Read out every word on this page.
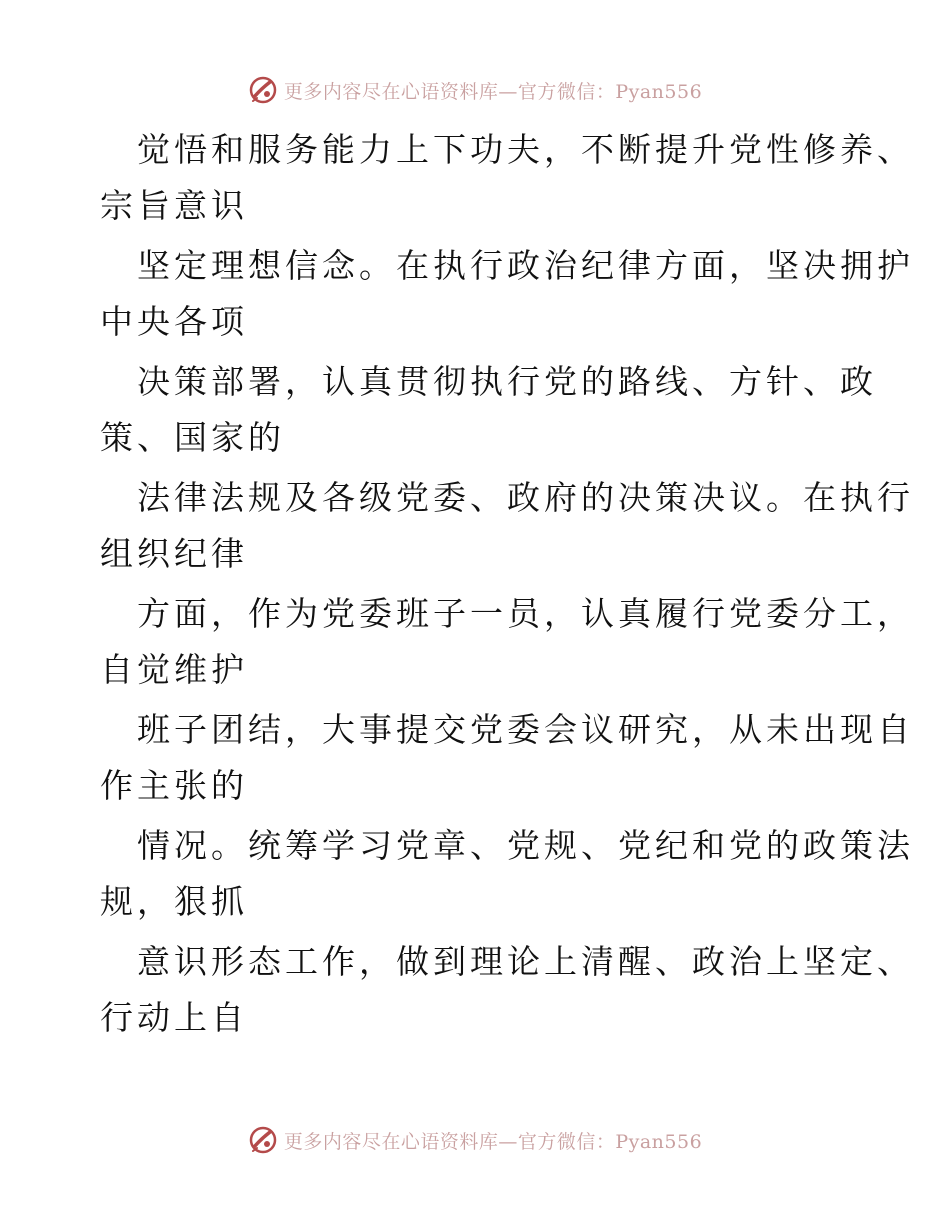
更多内容尽在心语资料库—官方微信：Pyan556
觉悟和服务能力上下功夫，不断提升党性修养、
宗旨意识
坚定理想信念。在执行政治纪律方面，坚决拥护
中央各项
决策部署，认真贯彻执行党的路线、方针、政
策、国家的
法律法规及各级党委、政府的决策决议。在执行
组织纪律
方面，作为党委班子一员，认真履行党委分工，
自觉维护
班子团结，大事提交党委会议研究，从未出现自
作主张的
情况。统筹学习党章、党规、党纪和党的政策法
规，狠抓
意识形态工作，做到理论上清醒、政治上坚定、
行动上自
更多内容尽在心语资料库—官方微信：Pyan556
